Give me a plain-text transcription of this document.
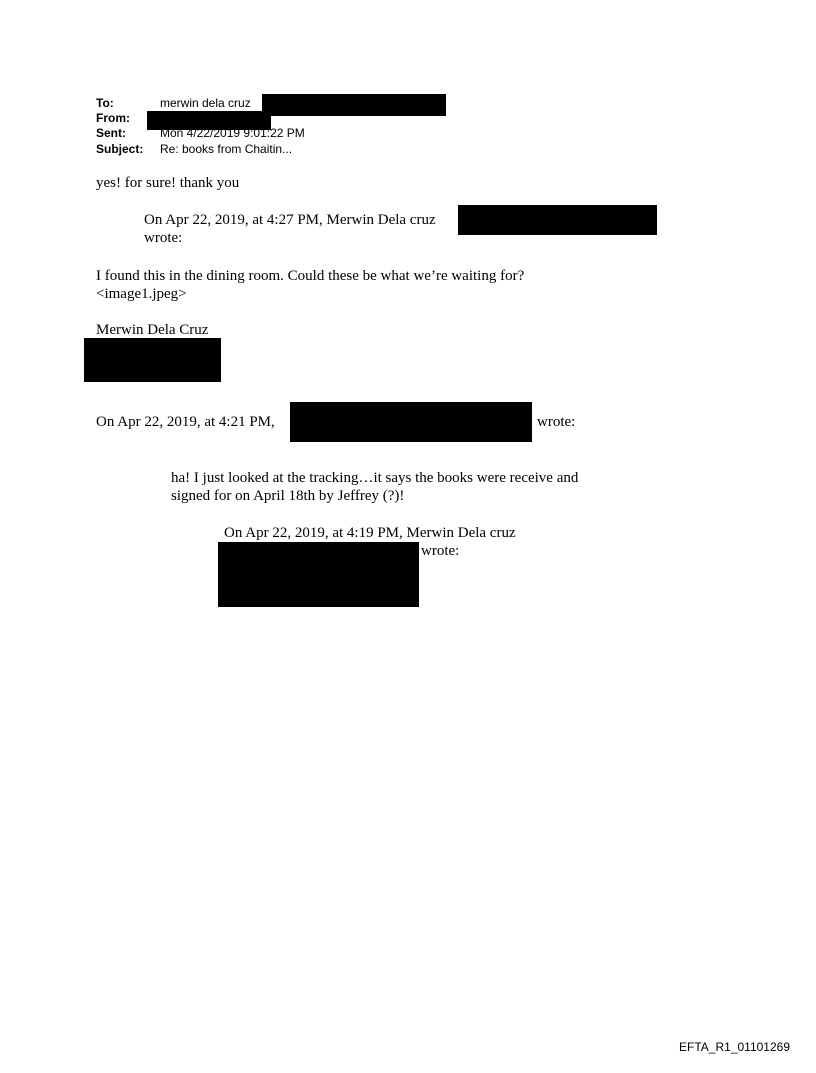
To:	merwin dela cruz
From:
Sent:	Mon 4/22/2019 9:01:22 PM
Subject: Re: books from Chaitin...
yes! for sure! thank you
On Apr 22, 2019, at 4:27 PM, Merwin Dela cruz
wrote:
I found this in the dining room. Could these be what we’re waiting for?
<image1.jpeg>
Merwin Dela Cruz
On Apr 22, 2019, at 4:21 PM,	wrote:
ha! I just looked at the tracking…it says the books were receive and
signed for on April 18th by Jeffrey (?)!
On Apr 22, 2019, at 4:19 PM, Merwin Dela cruz
wrote:
EFTA_R1_01101269
